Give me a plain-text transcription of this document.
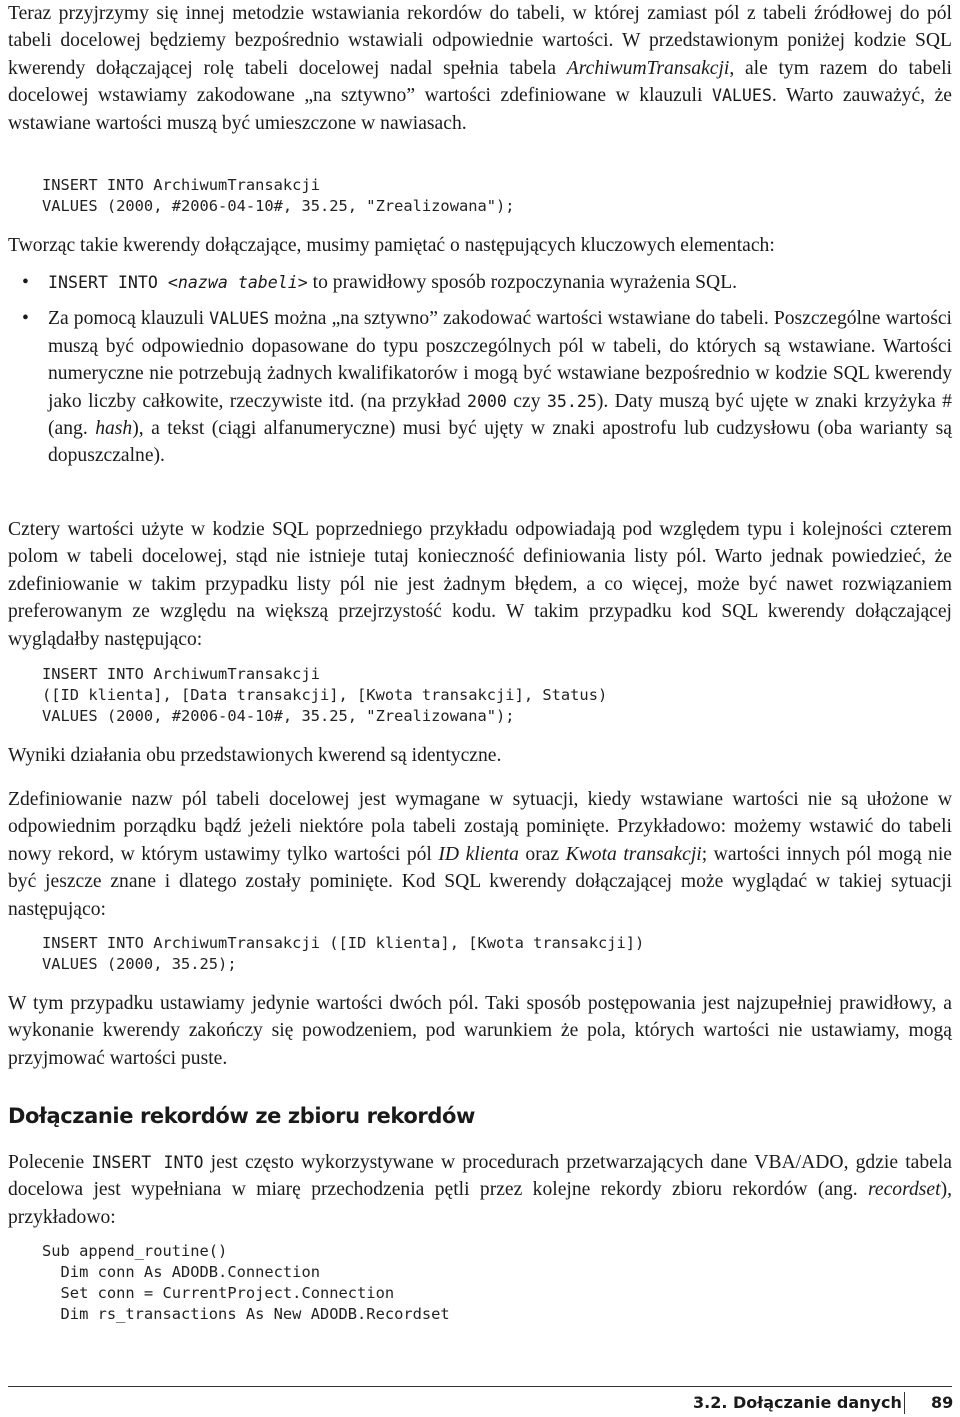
Teraz przyjrzymy się innej metodzie wstawiania rekordów do tabeli, w której zamiast pól z tabeli źródłowej do pól tabeli docelowej będziemy bezpośrednio wstawiali odpowiednie wartości. W przedstawionym poniżej kodzie SQL kwerendy dołączającej rolę tabeli docelowej nadal spełnia tabela ArchiwumTransakcji, ale tym razem do tabeli docelowej wstawiamy zakodowane „na sztywno” wartości zdefiniowane w klauzuli VALUES. Warto zauważyć, że wstawiane wartości muszą być umieszczone w nawiasach.

INSERT INTO ArchiwumTransakcji
VALUES (2000, #2006-04-10#, 35.25, "Zrealizowana");

Tworząc takie kwerendy dołączające, musimy pamiętać o następujących kluczowych elementach:

• INSERT INTO <nazwa tabeli> to prawidłowy sposób rozpoczynania wyrażenia SQL.
• Za pomocą klauzuli VALUES można „na sztywno” zakodować wartości wstawiane do tabeli. Poszczególne wartości muszą być odpowiednio dopasowane do typu poszczególnych pól w tabeli, do których są wstawiane. Wartości numeryczne nie potrzebują żadnych kwalifikatorów i mogą być wstawiane bezpośrednio w kodzie SQL kwerendy jako liczby całkowite, rzeczywiste itd. (na przykład 2000 czy 35.25). Daty muszą być ujęte w znaki krzyżyka # (ang. hash), a tekst (ciągi alfanumeryczne) musi być ujęty w znaki apostrofu lub cudzysłowu (oba warianty są dopuszczalne).

Cztery wartości użyte w kodzie SQL poprzedniego przykładu odpowiadają pod względem typu i kolejności czterem polom w tabeli docelowej, stąd nie istnieje tutaj konieczność definiowania listy pól. Warto jednak powiedzieć, że zdefiniowanie w takim przypadku listy pól nie jest żadnym błędem, a co więcej, może być nawet rozwiązaniem preferowanym ze względu na większą przejrzystość kodu. W takim przypadku kod SQL kwerendy dołączającej wyglądałby następująco:

INSERT INTO ArchiwumTransakcji
([ID klienta], [Data transakcji], [Kwota transakcji], Status)
VALUES (2000, #2006-04-10#, 35.25, "Zrealizowana");

Wyniki działania obu przedstawionych kwerend są identyczne.

Zdefiniowanie nazw pól tabeli docelowej jest wymagane w sytuacji, kiedy wstawiane wartości nie są ułożone w odpowiednim porządku bądź jeżeli niektóre pola tabeli zostają pominięte. Przykładowo: możemy wstawić do tabeli nowy rekord, w którym ustawimy tylko wartości pól ID klienta oraz Kwota transakcji; wartości innych pól mogą nie być jeszcze znane i dlatego zostały pominięte. Kod SQL kwerendy dołączającej może wyglądać w takiej sytuacji następująco:

INSERT INTO ArchiwumTransakcji ([ID klienta], [Kwota transakcji])
VALUES (2000, 35.25);

W tym przypadku ustawiamy jedynie wartości dwóch pól. Taki sposób postępowania jest najzupełniej prawidłowy, a wykonanie kwerendy zakończy się powodzeniem, pod warunkiem że pola, których wartości nie ustawiamy, mogą przyjmować wartości puste.

Dołączanie rekordów ze zbioru rekordów

Polecenie INSERT INTO jest często wykorzystywane w procedurach przetwarzających dane VBA/ADO, gdzie tabela docelowa jest wypełniana w miarę przechodzenia pętli przez kolejne rekordy zbioru rekordów (ang. recordset), przykładowo:

Sub append_routine()
Dim conn As ADODB.Connection
Set conn = CurrentProject.Connection
Dim rs_transactions As New ADODB.Recordset
3.2. Dołączanie danych 89
